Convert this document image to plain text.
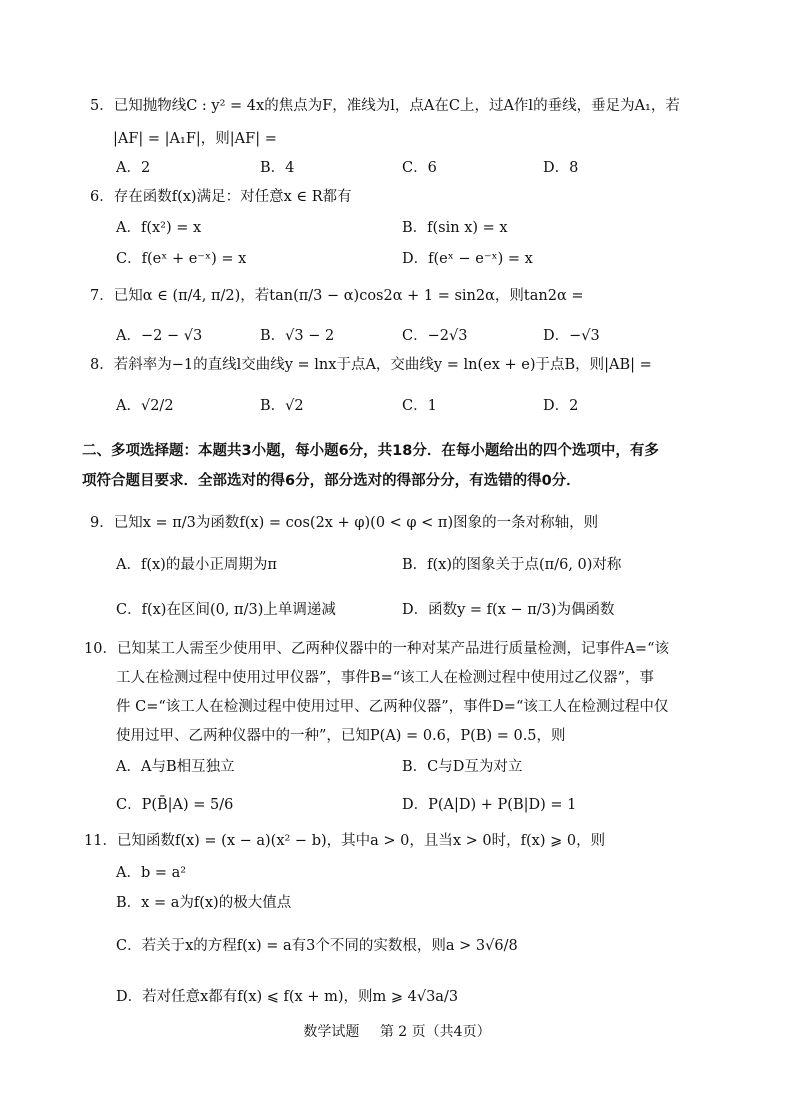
5．已知抛物线C : y² = 4x的焦点为F，准线为l，点A在C上，过A作l的垂线，垂足为A₁，若
|AF| = |A₁F|，则|AF| =
A．2	B．4	C．6	D．8
6．存在函数f(x)满足：对任意x ∈ R都有
A．f(x²) = x	B．f(sin x) = x
C．f(eˣ + e⁻ˣ) = x	D．f(eˣ − e⁻ˣ) = x
7．已知α ∈ (π/4, π/2)，若tan(π/3 − α)cos2α + 1 = sin2α，则tan2α =
A．−2 − √3	B．√3 − 2	C．−2√3	D．−√3
8．若斜率为−1的直线l交曲线y = lnx于点A，交曲线y = ln(ex + e)于点B，则|AB| =
A．√2/2	B．√2	C．1	D．2
二、多项选择题：本题共3小题，每小题6分，共18分．在每小题给出的四个选项中，有多
项符合题目要求．全部选对的得6分，部分选对的得部分分，有选错的得0分．
9．已知x = π/3为函数f(x) = cos(2x + φ)(0 < φ < π)图象的一条对称轴，则
A．f(x)的最小正周期为π	B．f(x)的图象关于点(π/6, 0)对称
C．f(x)在区间(0, π/3)上单调递减	D．函数y = f(x − π/3)为偶函数
10．已知某工人需至少使用甲、乙两种仪器中的一种对某产品进行质量检测，记事件A=“该
工人在检测过程中使用过甲仪器”，事件B=“该工人在检测过程中使用过乙仪器”，事
件 C=“该工人在检测过程中使用过甲、乙两种仪器”，事件D=“该工人在检测过程中仅
使用过甲、乙两种仪器中的一种”，已知P(A) = 0.6，P(B) = 0.5，则
A．A与B相互独立	B．C与D互为对立
C．P(B̄|A) = 5/6	D．P(A|D) + P(B|D) = 1
11．已知函数f(x) = (x − a)(x² − b)，其中a > 0，且当x > 0时，f(x) ⩾ 0，则
A．b = a²
B．x = a为f(x)的极大值点
C．若关于x的方程f(x) = a有3个不同的实数根，则a > 3√6/8
D．若对任意x都有f(x) ⩽ f(x + m)，则m ⩾ 4√3a/3
数学试题 第 2 页（共4页）
